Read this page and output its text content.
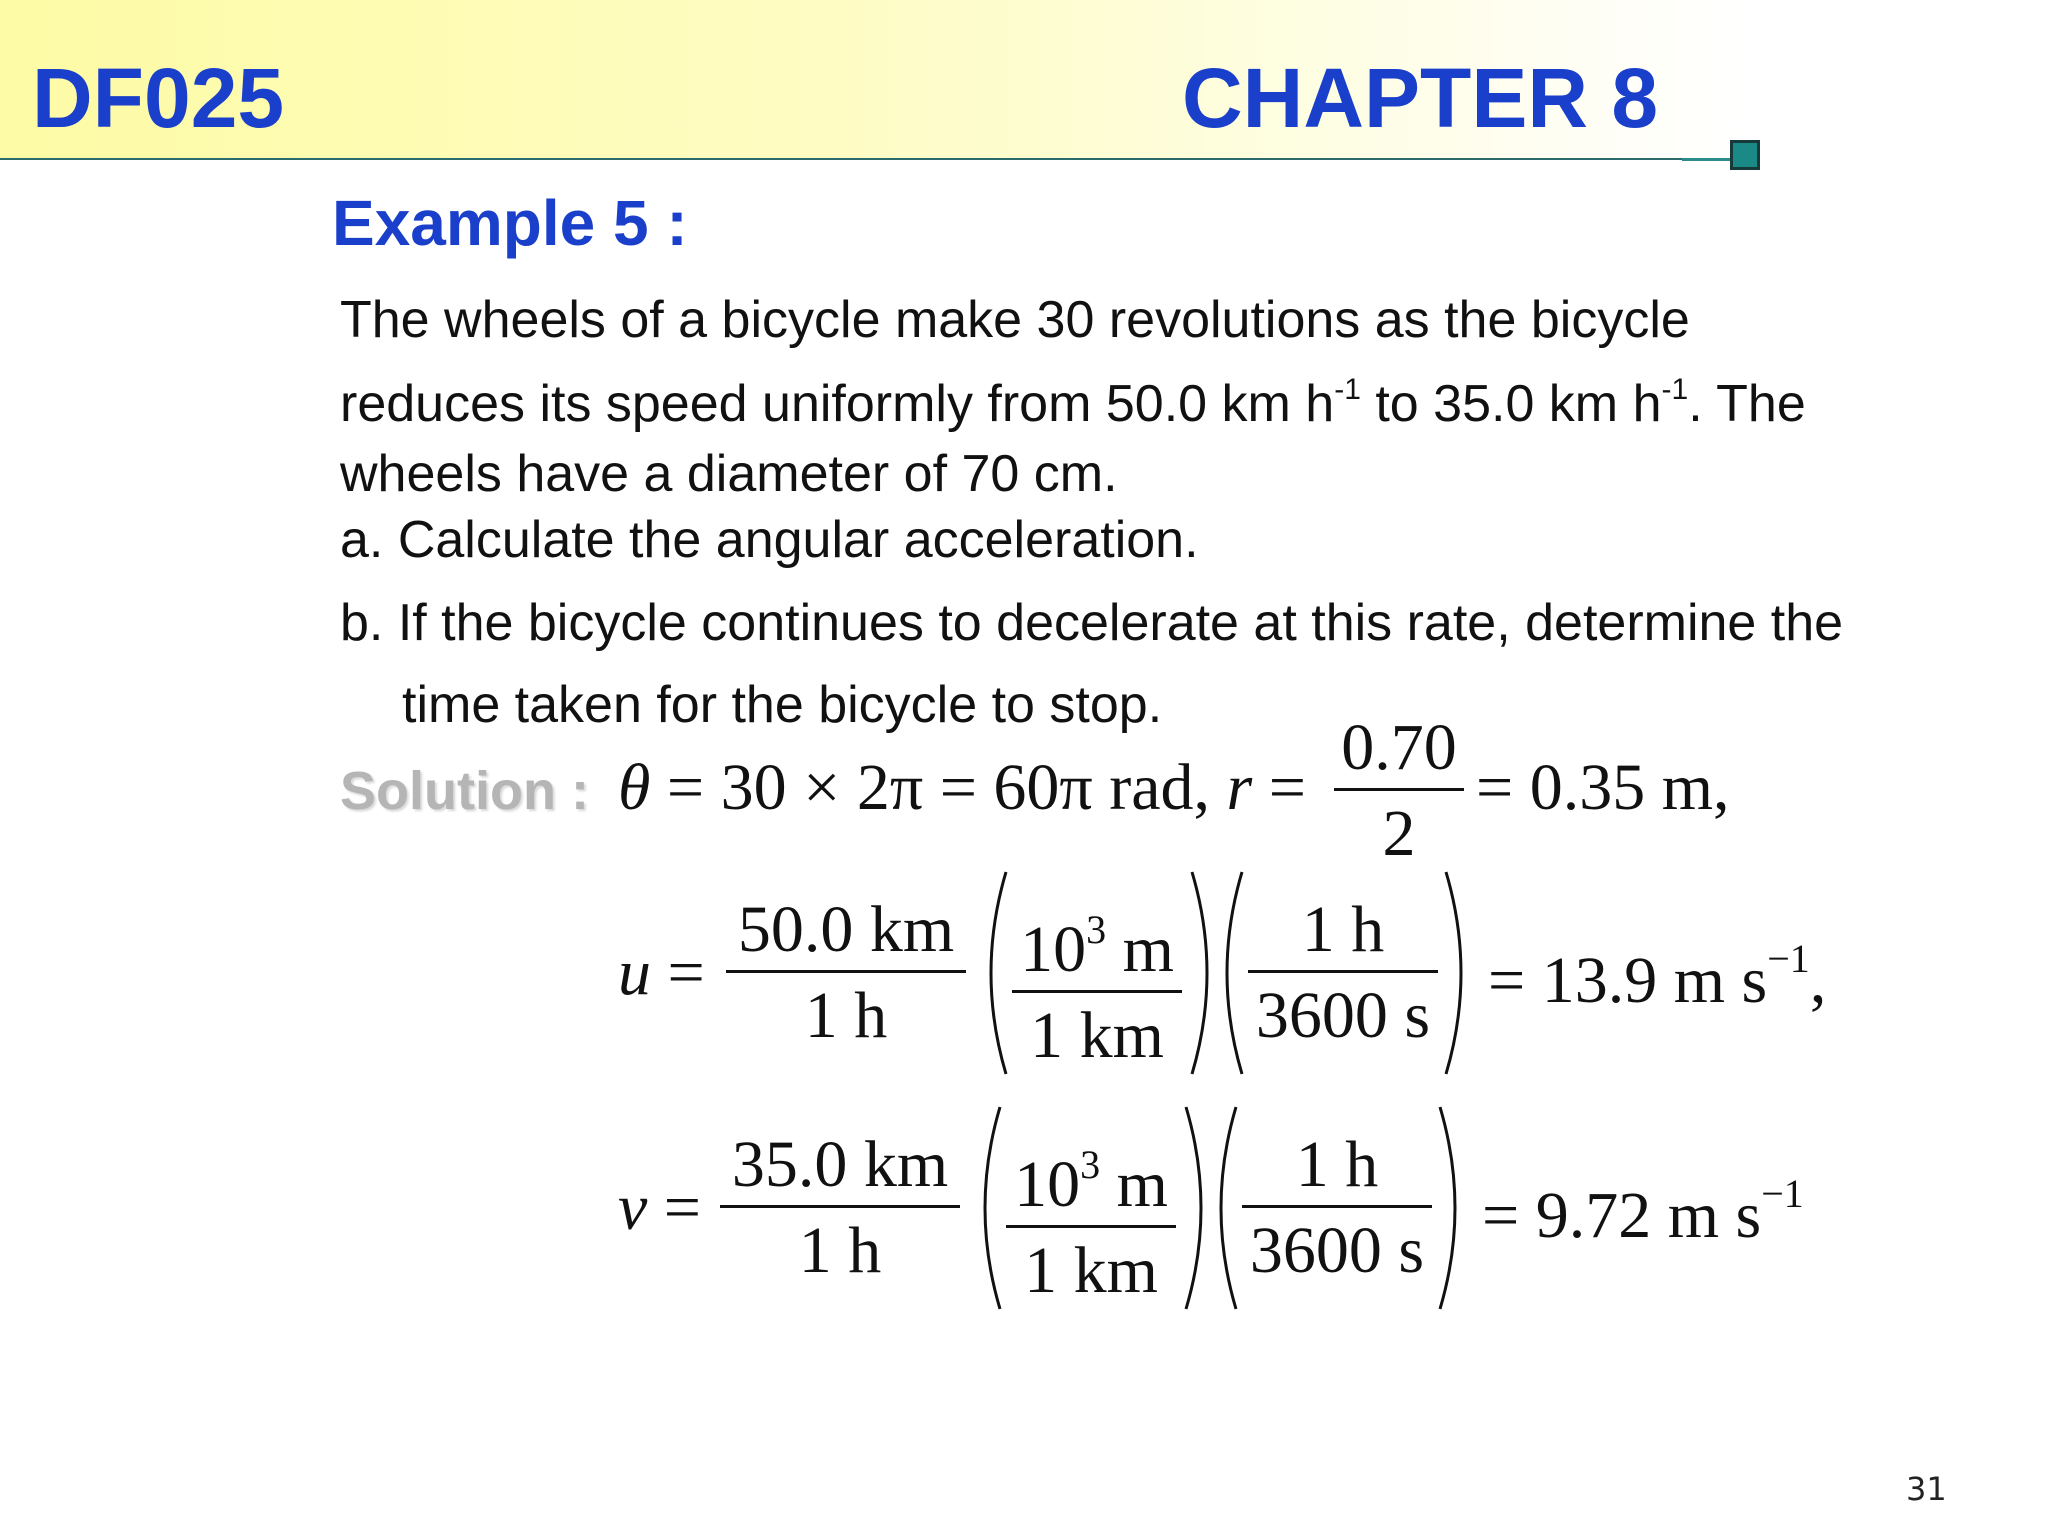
DF025	CHAPTER 8
Example 5 :

The wheels of a bicycle make 30 revolutions as the bicycle

reduces its speed uniformly from 50.0 km $h^{-1}$ to 35.0 km $h^{-1}$. The

wheels have a diameter of 70 cm.

a. Calculate the angular acceleration.
b. If the bicycle continues to decelerate at this rate, determine the
time taken for the bicycle to stop.
Solution : θ = 30 × 2π = 60π rad, r =
0.70
2
= 0.35 m,
u =
50.0 km
1 h
$10^3$ m
1 km
1 h
3600 s = 13.9 m $s^{-1}$,
v =
35.0 km
1 h
$10^3$ m
1 km
1 h
3600 s = 9.72 m $s^{-1}$
31
